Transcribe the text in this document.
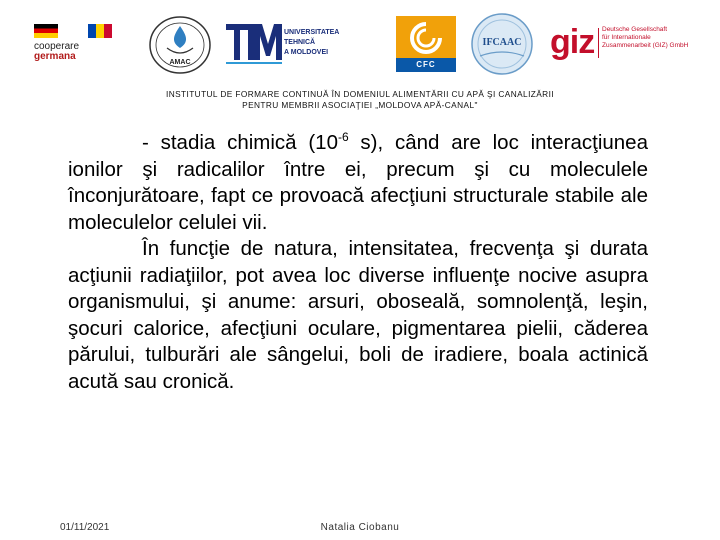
cooperare
germana
AMAC
UNIVERSITATEA TEHNICĂ
A MOLDOVEI
CFC
IFCAAC giz Deutsche Gesellschaft
für Internationale
Zusammenarbeit (GIZ) GmbH
INSTITUTUL DE FORMARE CONTINUĂ ÎN DOMENIUL ALIMENTĂRII CU APĂ ŞI CANALIZĂRII
PENTRU MEMBRII ASOCIAŢIEI „MOLDOVA APĂ-CANAL"

- stadia chimică ($10^{-6}$ s), când are loc interacţiunea ionilor şi radicalilor între ei, precum şi cu moleculele înconjurătoare, fapt ce provoacă afecţiuni structurale stabile ale moleculelor celulei vii.

În funcţie de natura, intensitatea, frecvenţa şi durata acţiunii radiaţiilor, pot avea loc diverse influenţe nocive asupra organismului, şi anume: arsuri, oboseală, somnolenţă, leşin, şocuri calorice, afecţiuni oculare, pigmentarea pielii, căderea părului, tulburări ale sângelui, boli de iradiere, boala actinică acută sau cronică.

01/11/2021	Natalia Ciobanu
